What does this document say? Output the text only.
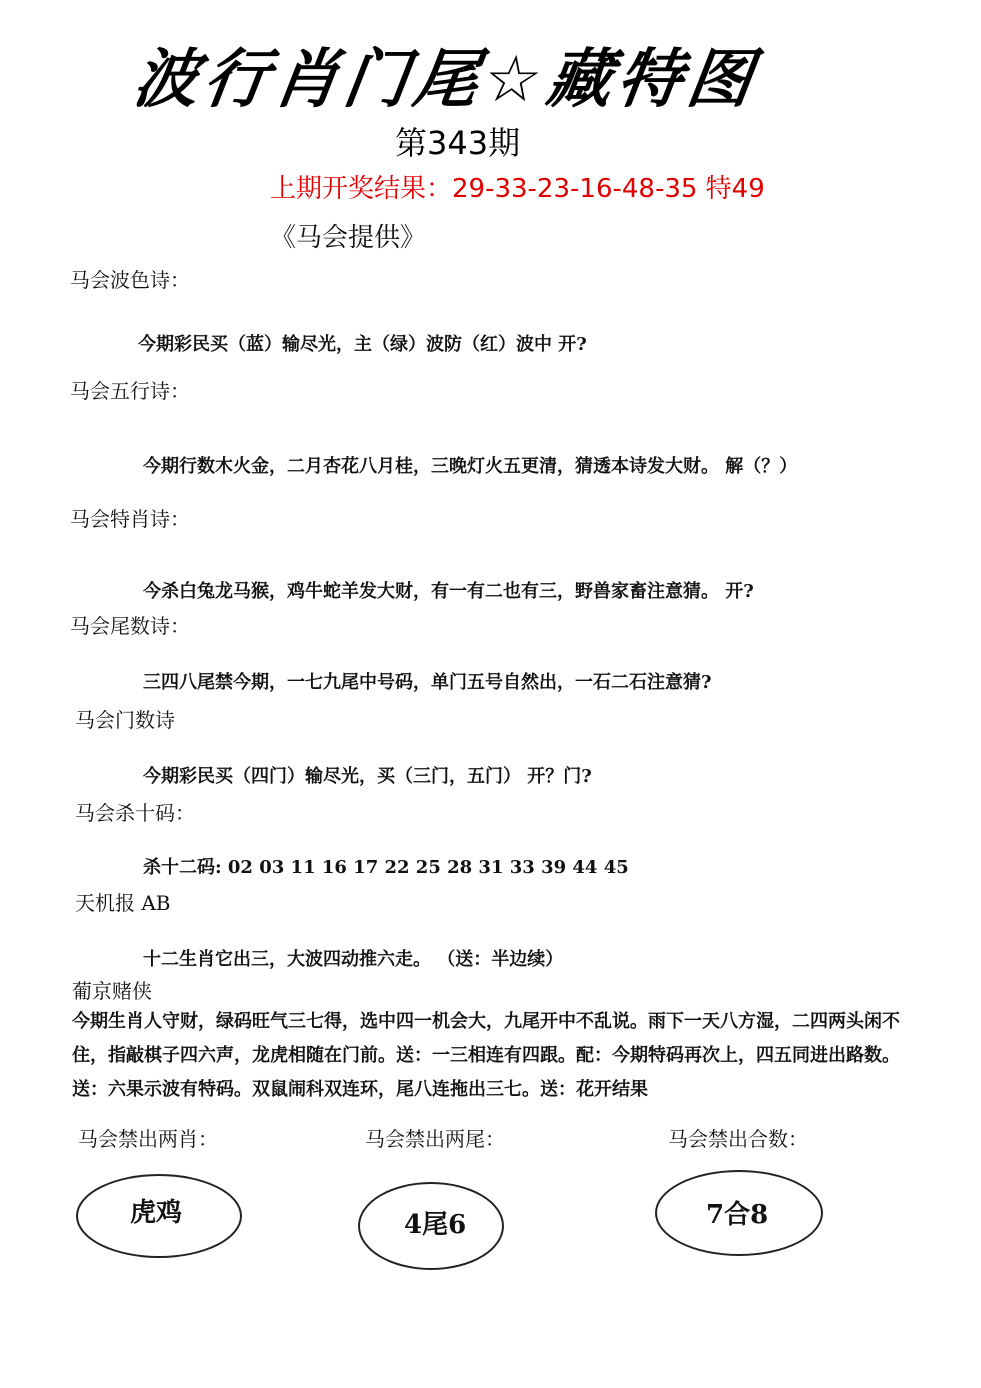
波行肖门尾☆藏特图
第343期
上期开奖结果：29-33-23-16-48-35 特49
《马会提供》
马会波色诗：
今期彩民买（蓝）输尽光，主（绿）波防（红）波中 开?
马会五行诗：
今期行数木火金，二月杏花八月桂，三晚灯火五更清，猜透本诗发大财。 解（？）
马会特肖诗：
今杀白兔龙马猴，鸡牛蛇羊发大财，有一有二也有三，野兽家畜注意猜。 开?
马会尾数诗：
三四八尾禁今期，一七九尾中号码，单门五号自然出，一石二石注意猜?
马会门数诗
今期彩民买（四门）输尽光，买（三门，五门） 开？门?
马会杀十码：
杀十二码: 02 03 11 16 17 22 25 28 31 33 39 44 45
天机报 AB
十二生肖它出三，大波四动推六走。 （送：半边续）
葡京赌侠
今期生肖人守财，绿码旺气三七得，选中四一机会大，九尾开中不乱说。雨下一天八方湿，二四两头闲不住，指敲棋子四六声，龙虎相随在门前。送：一三相连有四跟。配：今期特码再次上，四五同进出路数。送：六果示波有特码。双鼠闹科双连环，尾八连拖出三七。送：花开结果
马会禁出两肖：	马会禁出两尾：	马会禁出合数：
虎鸡	4尾6	7合8
